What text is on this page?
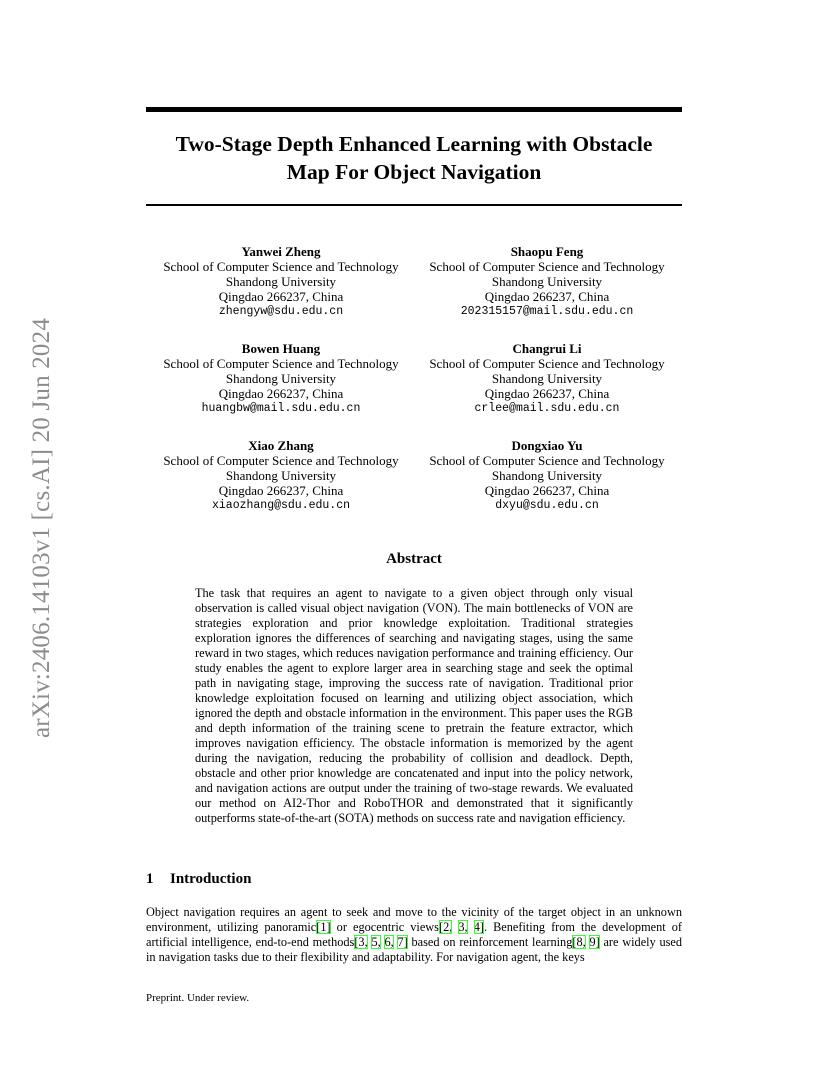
Two-Stage Depth Enhanced Learning with Obstacle
Map For Object Navigation
arXiv:2406.14103v1 [cs.AI] 20 Jun 2024
Yanwei Zheng
School of Computer Science and Technology
Shandong University
Qingdao 266237, China
zhengyw@sdu.edu.cn
Shaopu Feng
School of Computer Science and Technology
Shandong University
Qingdao 266237, China
202315157@mail.sdu.edu.cn
Bowen Huang
School of Computer Science and Technology
Shandong University
Qingdao 266237, China
huangbw@mail.sdu.edu.cn
Changrui Li
School of Computer Science and Technology
Shandong University
Qingdao 266237, China
crlee@mail.sdu.edu.cn
Xiao Zhang
School of Computer Science and Technology
Shandong University
Qingdao 266237, China
xiaozhang@sdu.edu.cn
Dongxiao Yu
School of Computer Science and Technology
Shandong University
Qingdao 266237, China
dxyu@sdu.edu.cn
Abstract
The task that requires an agent to navigate to a given object through only visual observation is called visual object navigation (VON). The main bottlenecks of VON are strategies exploration and prior knowledge exploitation. Traditional strategies exploration ignores the differences of searching and navigating stages, using the same reward in two stages, which reduces navigation performance and training efficiency. Our study enables the agent to explore larger area in searching stage and seek the optimal path in navigating stage, improving the success rate of navigation. Traditional prior knowledge exploitation focused on learning and utilizing object association, which ignored the depth and obstacle information in the environment. This paper uses the RGB and depth information of the training scene to pretrain the feature extractor, which improves navigation efficiency. The obstacle information is memorized by the agent during the navigation, reducing the probability of collision and deadlock. Depth, obstacle and other prior knowledge are concatenated and input into the policy network, and navigation actions are output under the training of two-stage rewards. We evaluated our method on AI2-Thor and RoboTHOR and demonstrated that it significantly outperforms state-of-the-art (SOTA) methods on success rate and navigation efficiency.
1 Introduction
Object navigation requires an agent to seek and move to the vicinity of the target object in an unknown environment, utilizing panoramic[1] or egocentric views[2, 3, 4]. Benefiting from the development of artificial intelligence, end-to-end methods[3, 5, 6, 7] based on reinforcement learning[8, 9] are widely used in navigation tasks due to their flexibility and adaptability. For navigation agent, the keys
Preprint. Under review.
